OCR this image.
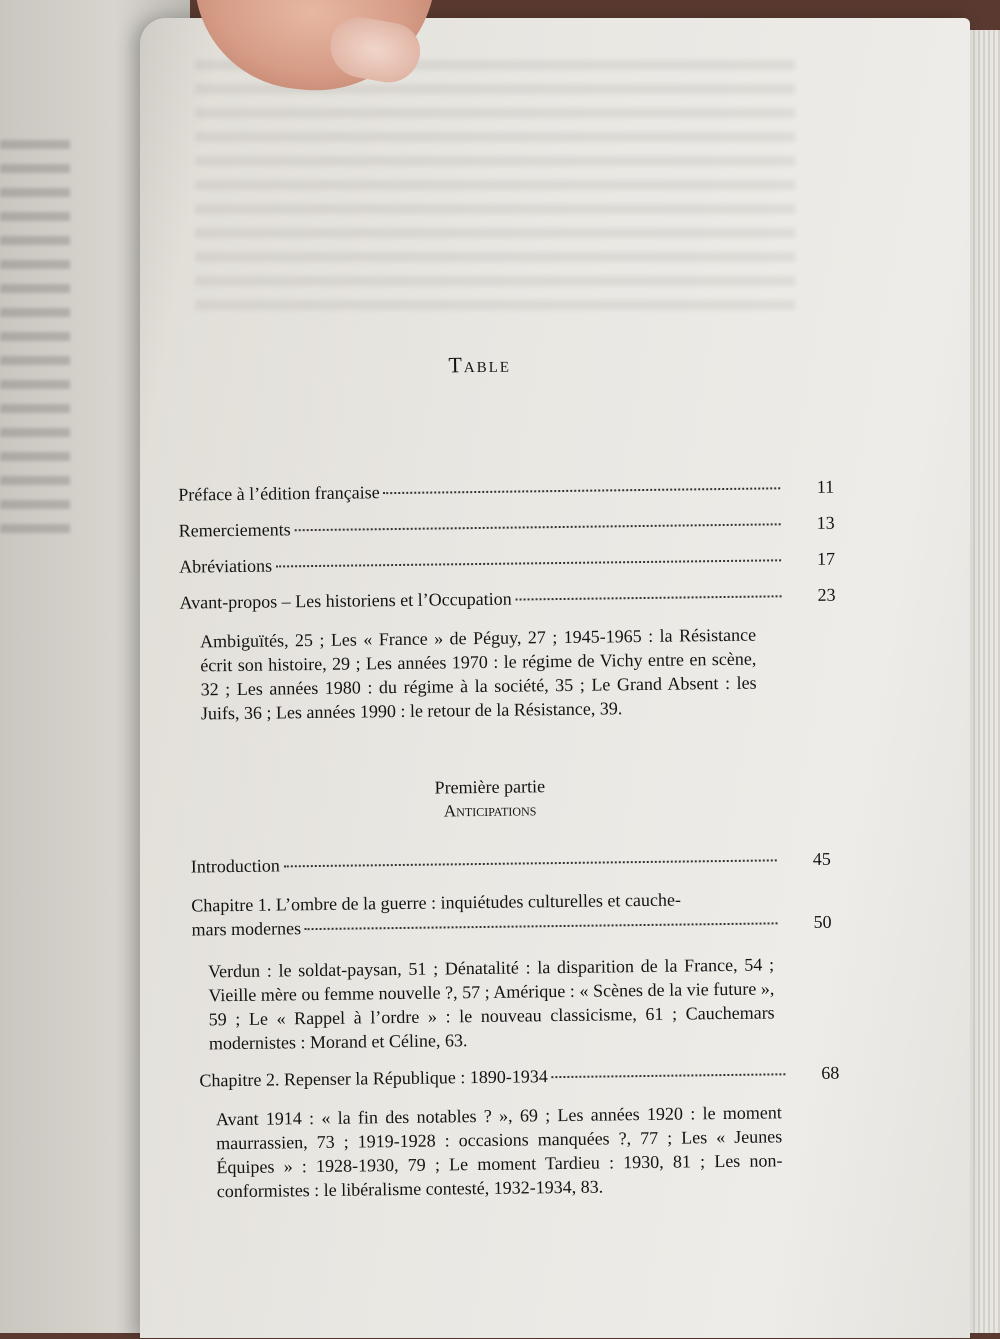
Table
Préface à l’édition française	11
Remerciements	13
Abréviations	17
Avant-propos – Les historiens et l’Occupation	23
Ambiguïtés, 25 ; Les « France » de Péguy, 27 ; 1945-1965 : la Résistance écrit son histoire, 29 ; Les années 1970 : le régime de Vichy entre en scène, 32 ; Les années 1980 : du régime à la société, 35 ; Le Grand Absent : les Juifs, 36 ; Les années 1990 : le retour de la Résistance, 39.
Première partie
Anticipations
Introduction	45
Chapitre 1. L’ombre de la guerre : inquiétudes culturelles et cauche-
mars modernes	50
Verdun : le soldat-paysan, 51 ; Dénatalité : la disparition de la France, 54 ; Vieille mère ou femme nouvelle ?, 57 ; Amérique : « Scènes de la vie future », 59 ; Le « Rappel à l’ordre » : le nouveau classicisme, 61 ; Cauchemars modernistes : Morand et Céline, 63.
Chapitre 2. Repenser la République : 1890-1934	68
Avant 1914 : « la fin des notables ? », 69 ; Les années 1920 : le moment maurrassien, 73 ; 1919-1928 : occasions manquées ?, 77 ; Les « Jeunes Équipes » : 1928-1930, 79 ; Le moment Tardieu : 1930, 81 ; Les non-conformistes : le libéralisme contesté, 1932-1934, 83.
